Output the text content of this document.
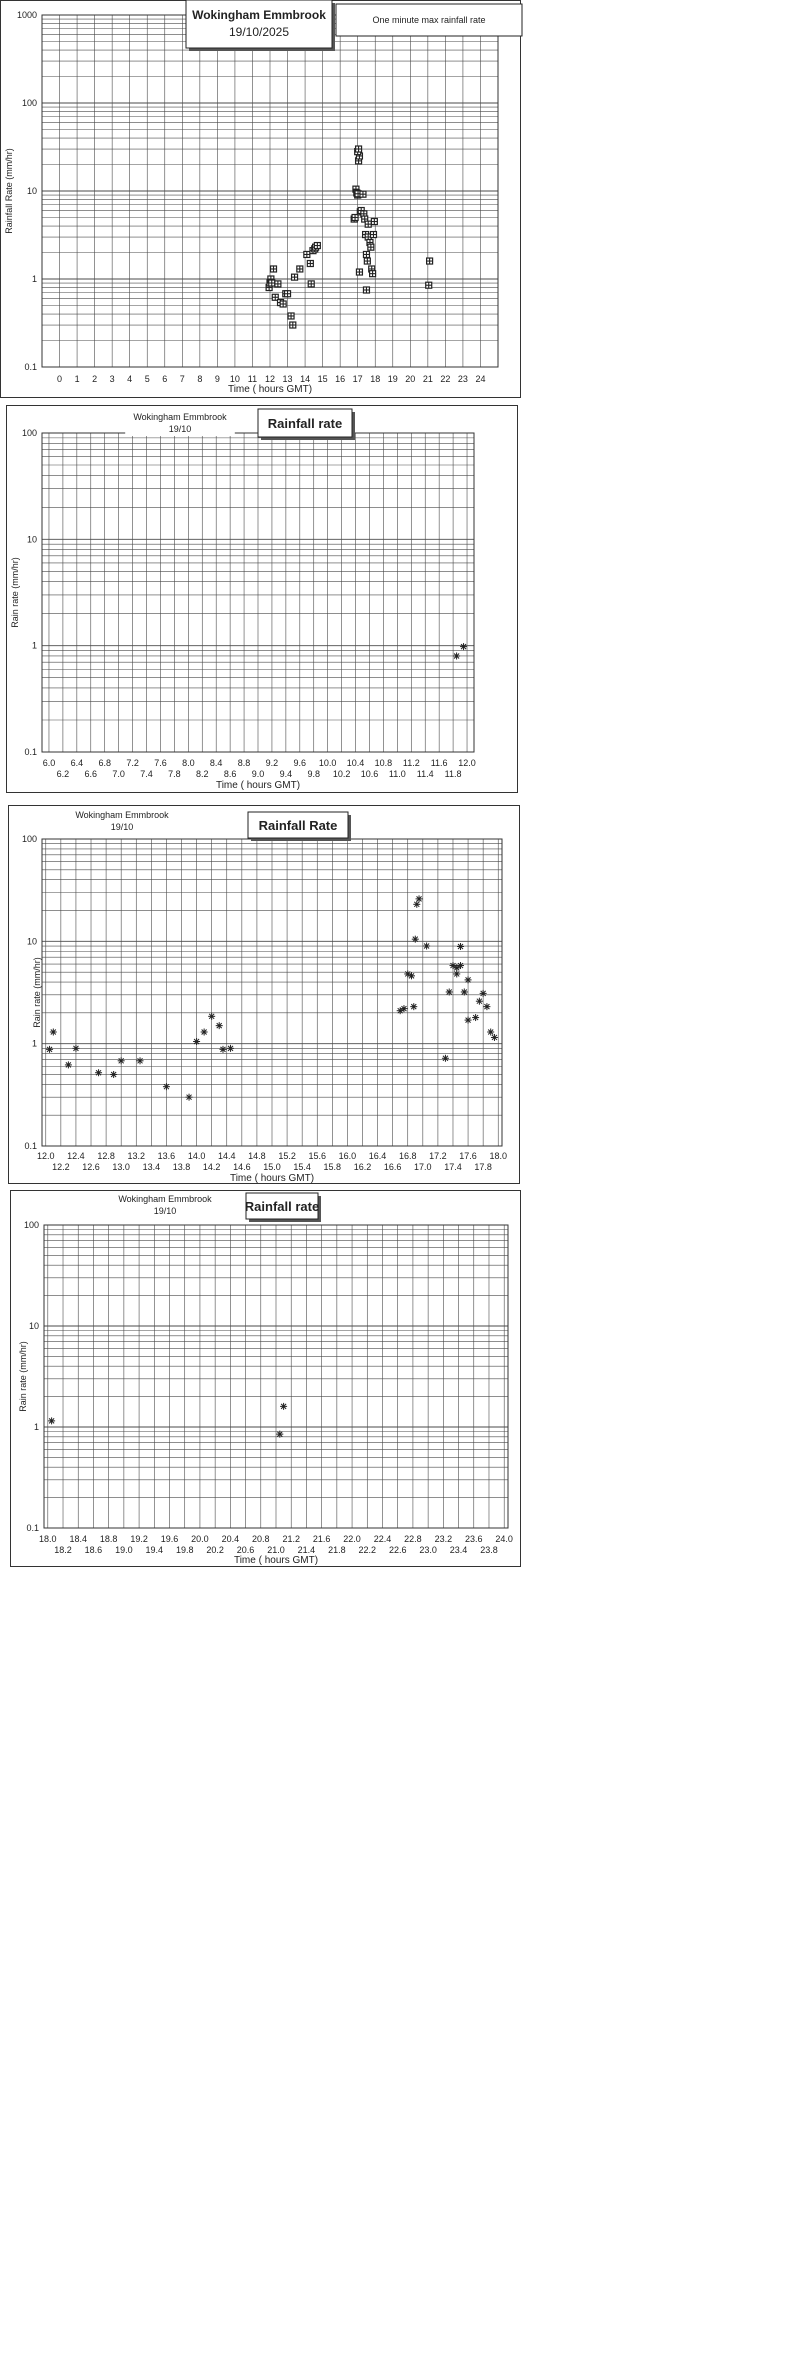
0.1
1
10
100
1000
0 1 2 3 4 5 6 7 8 9 10 11 12 13 14 15 16 17 18 19 20 21 22 23 24
Time ( hours GMT)
Rainfall Rate (mm/hr)
Wokingham Emmbrook
19/10/2025
One minute max rainfall rate
0.1
1
10
100
6.0 6.4 6.8 7.2 7.6 8.0 8.4 8.8 9.2 9.6 10.0 10.4 10.8 11.2 11.6 12.0
6.2 6.6 7.0 7.4 7.8 8.2 8.6 9.0 9.4 9.8 10.2 10.6 11.0 11.4 11.8
Time ( hours GMT)
Rain rate (mm/hr)
Wokingham Emmbrook
19/10	Rainfall rate
0.1
1
10
100
12.0 12.4 12.8 13.2 13.6 14.0 14.4 14.8 15.2 15.6 16.0 16.4 16.8 17.2 17.6 18.0
12.2 12.6 13.0 13.4 13.8 14.2 14.6 15.0 15.4 15.8 16.2 16.6 17.0 17.4 17.8
Time ( hours GMT)
Rain rate (mm/hr)
Wokingham Emmbrook
19/10	Rainfall Rate
0.1
1
10
100
18.0 18.4 18.8 19.2 19.6 20.0 20.4 20.8 21.2 21.6 22.0 22.4 22.8 23.2 23.6 24.0
18.2 18.6 19.0 19.4 19.8 20.2 20.6 21.0 21.4 21.8 22.2 22.6 23.0 23.4 23.8
Time ( hours GMT)
Rain rate (mm/hr)
Wokingham Emmbrook
19/10	Rainfall rate
